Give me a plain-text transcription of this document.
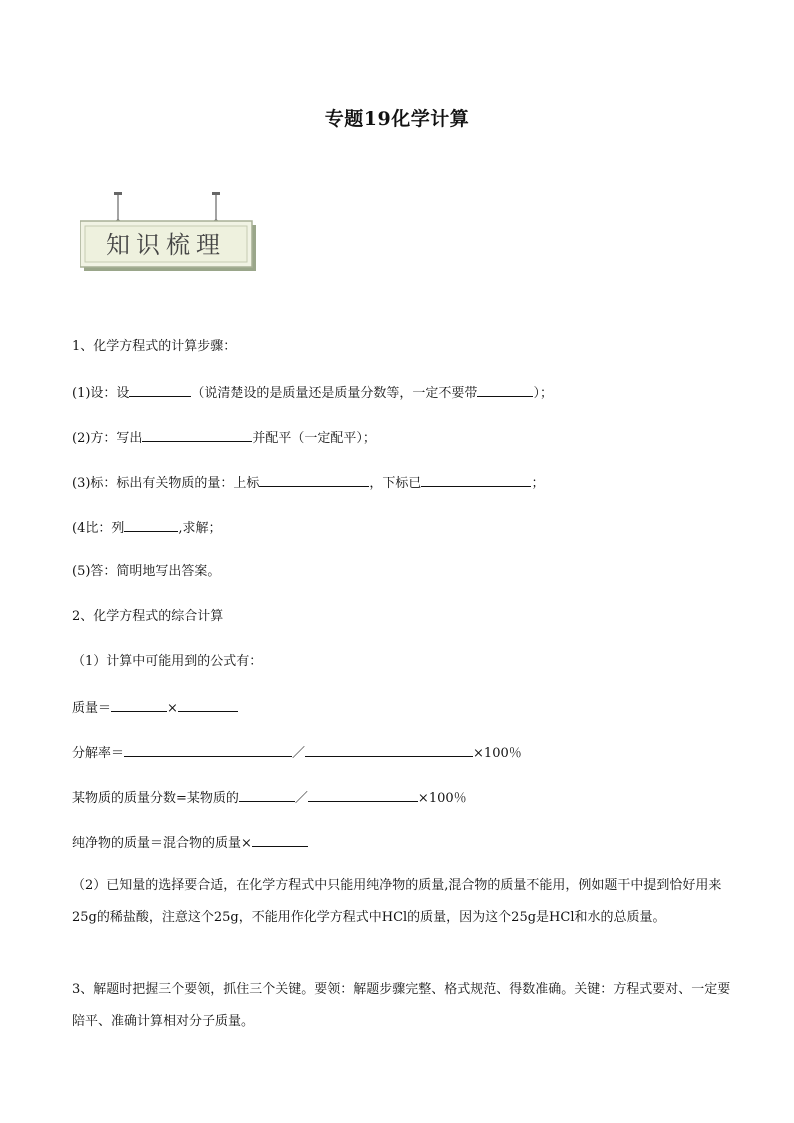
专题19化学计算
知识梳理
1、化学方程式的计算步骤：
(1)设：设	（说清楚设的是质量还是质量分数等，一定不要带	）；
(2)方：写出	并配平（一定配平）；
(3)标：标出有关物质的量：上标	，下标已	；
(4比：列	,求解；
(5)答：简明地写出答案。
2、化学方程式的综合计算
（1）计算中可能用到的公式有：
质量＝	×
分解率＝	／	×100％
某物质的质量分数=某物质的	／	×100％
纯净物的质量＝混合物的质量×
（2）已知量的选择要合适，在化学方程式中只能用纯净物的质量,混合物的质量不能用，例如题干中提到恰好用来25g的稀盐酸，注意这个25g，不能用作化学方程式中HCl的质量，因为这个25g是HCl和水的总质量。
3、解题时把握三个要领，抓住三个关键。要领：解题步骤完整、格式规范、得数准确。关键：方程式要对、一定要陪平、准确计算相对分子质量。
